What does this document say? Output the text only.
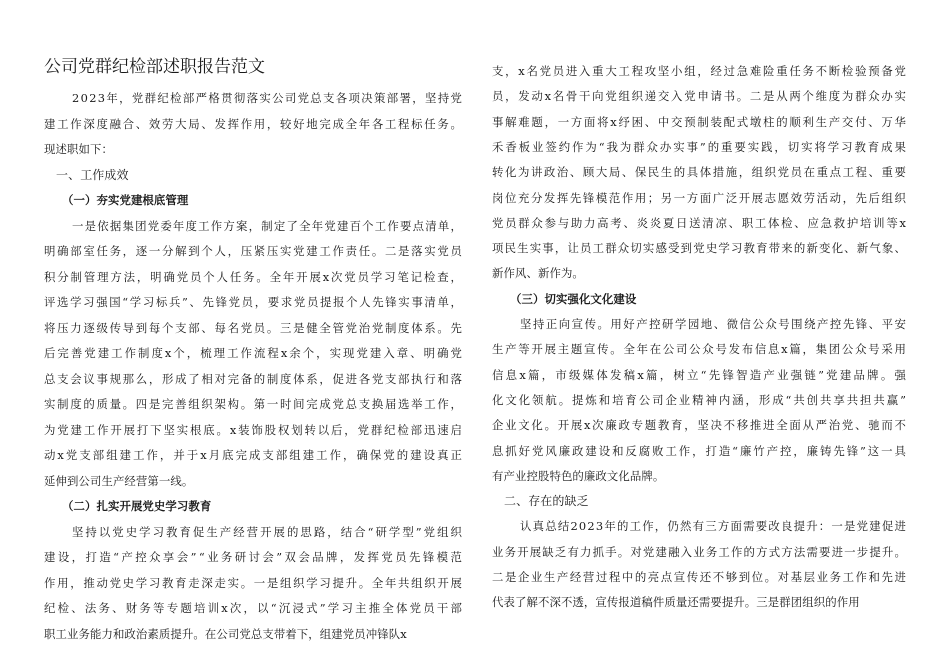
公司党群纪检部述职报告范文
2023年，党群纪检部严格贯彻落实公司党总支各项决策部署，坚持党
建工作深度融合、效劳大局、发挥作用，较好地完成全年各工程标任务。
现述职如下：
一、工作成效
（一）夯实党建根底管理
一是依据集团党委年度工作方案，制定了全年党建百个工作要点清单，
明确部室任务，逐一分解到个人，压紧压实党建工作责任。二是落实党员
积分制管理方法，明确党员个人任务。全年开展x次党员学习笔记检查，
评选学习强国“学习标兵”、先锋党员，要求党员提报个人先锋实事清单，
将压力逐级传导到每个支部、每名党员。三是健全管党治党制度体系。先
后完善党建工作制度x个，梳理工作流程x余个，实现党建入章、明确党
总支会议事规那么，形成了相对完备的制度体系，促进各党支部执行和落
实制度的质量。四是完善组织架构。第一时间完成党总支换届选举工作，
为党建工作开展打下坚实根底。x装饰股权划转以后，党群纪检部迅速启
动x党支部组建工作，并于x月底完成支部组建工作，确保党的建设真正
延伸到公司生产经营第一线。
（二）扎实开展党史学习教育
坚持以党史学习教育促生产经营开展的思路，结合“研学型”党组织
建设，打造“产控众享会”“业务研讨会”双会品牌，发挥党员先锋模范
作用，推动党史学习教育走深走实。一是组织学习提升。全年共组织开展
纪检、法务、财务等专题培训x次，以“沉浸式”学习主推全体党员干部
职工业务能力和政治素质提升。在公司党总支带着下，组建党员冲锋队x
支，x名党员进入重大工程攻坚小组，经过急难险重任务不断检验预备党
员，发动x名骨干向党组织递交入党申请书。二是从两个维度为群众办实
事解难题，一方面将x纾困、中交预制装配式墩柱的顺利生产交付、万华
禾香板业签约作为“我为群众办实事”的重要实践，切实将学习教育成果
转化为讲政治、顾大局、保民生的具体措施，组织党员在重点工程、重要
岗位充分发挥先锋模范作用；另一方面广泛开展志愿效劳活动，先后组织
党员群众参与助力高考、炎炎夏日送清凉、职工体检、应急救护培训等x
项民生实事，让员工群众切实感受到党史学习教育带来的新变化、新气象、
新作风、新作为。
（三）切实强化文化建设
坚持正向宣传。用好产控研学园地、微信公众号围绕产控先锋、平安
生产等开展主题宣传。全年在公司公众号发布信息x篇，集团公众号采用
信息x篇，市级媒体发稿x篇，树立“先锋智造产业强链”党建品牌。强
化文化领航。提炼和培育公司企业精神内涵，形成“共创共享共担共赢”
企业文化。开展x次廉政专题教育，坚决不移推进全面从严治党、驰而不
息抓好党风廉政建设和反腐败工作，打造“廉竹产控，廉铸先锋”这一具
有产业控股特色的廉政文化品牌。
二、存在的缺乏
认真总结2023年的工作，仍然有三方面需要改良提升：一是党建促进
业务开展缺乏有力抓手。对党建融入业务工作的方式方法需要进一步提升。
二是企业生产经营过程中的亮点宣传还不够到位。对基层业务工作和先进
代表了解不深不透，宣传报道稿件质量还需要提升。三是群团组织的作用
